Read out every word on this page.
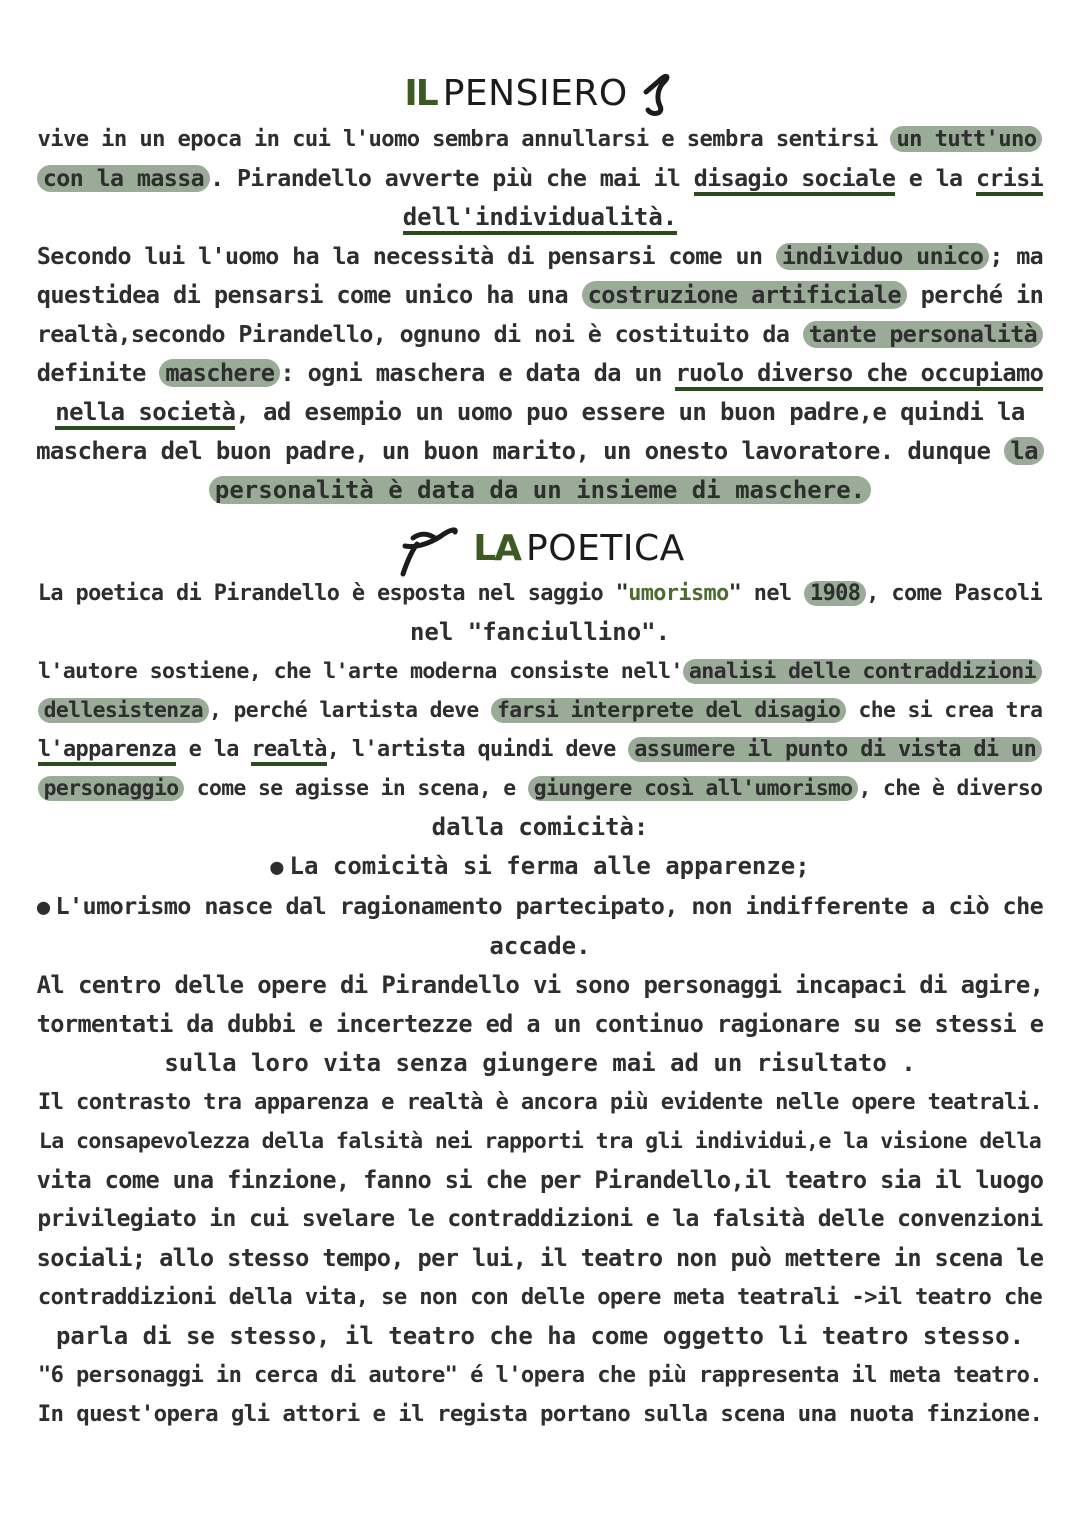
IL PENSIERO
vive in un epoca in cui l'uomo sembra annullarsi e sembra sentirsi un tutt'uno
con la massa . Pirandello avverte più che mai il disagio sociale e la crisi
dell'individualità.
Secondo lui l'uomo ha la necessità di pensarsi come un individuo unico ; ma
questidea di pensarsi come unico ha una costruzione artificiale perché in
realtà,secondo Pirandello, ognuno di noi è costituito da tante personalità
definite maschere : ogni maschera e data da un ruolo diverso che occupiamo
nella società, ad esempio un uomo puo essere un buon padre,e quindi la
maschera del buon padre, un buon marito, un onesto lavoratore. dunque la
personalità è data da un insieme di maschere.
LA POETICA
La poetica di Pirandello è esposta nel saggio "umorismo" nel 1908 , come Pascoli
nel "fanciullino".
l'autore sostiene, che l'arte moderna consiste nell' analisi delle contraddizioni
dellesistenza , perché lartista deve farsi interprete del disagio che si crea tra
l'apparenza e la realtà, l'artista quindi deve assumere il punto di vista di un
personaggio come se agisse in scena, e giungere così all'umorismo , che è diverso
dalla comicità:
● La comicità si ferma alle apparenze;
● L'umorismo nasce dal ragionamento partecipato, non indifferente a ciò che
accade.
Al centro delle opere di Pirandello vi sono personaggi incapaci di agire,
tormentati da dubbi e incertezze ed a un continuo ragionare su se stessi e
sulla loro vita senza giungere mai ad un risultato .
Il contrasto tra apparenza e realtà è ancora più evidente nelle opere teatrali.
La consapevolezza della falsità nei rapporti tra gli individui,e la visione della
vita come una finzione, fanno si che per Pirandello,il teatro sia il luogo
privilegiato in cui svelare le contraddizioni e la falsità delle convenzioni
sociali; allo stesso tempo, per lui, il teatro non può mettere in scena le
contraddizioni della vita, se non con delle opere meta teatrali ->il teatro che
parla di se stesso, il teatro che ha come oggetto li teatro stesso.
"6 personaggi in cerca di autore" é l'opera che più rappresenta il meta teatro.
In quest'opera gli attori e il regista portano sulla scena una nuota finzione.
